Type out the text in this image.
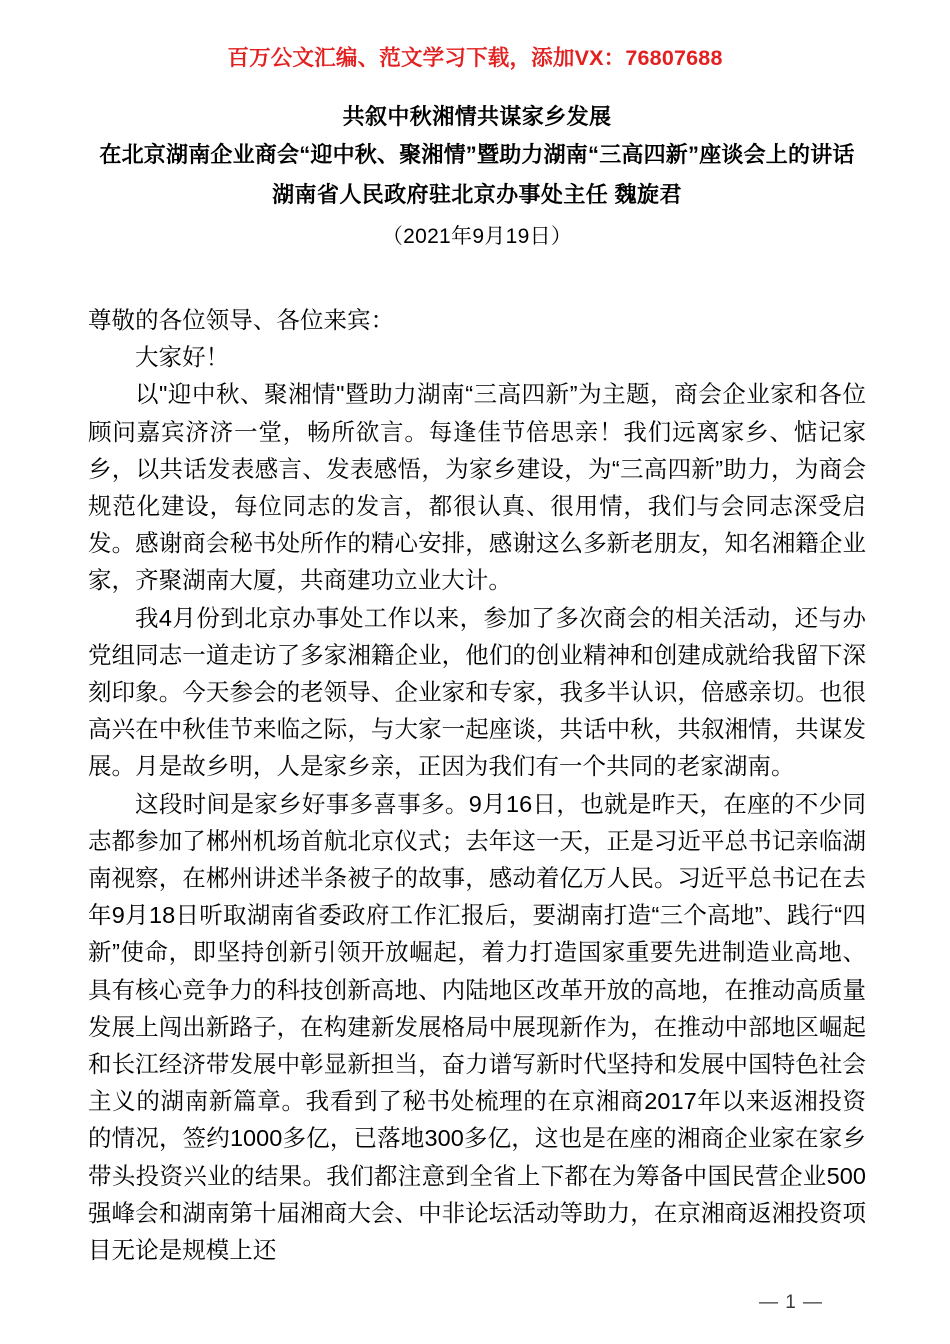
百万公文汇编、范文学习下载，添加VX：76807688
共叙中秋湘情共谋家乡发展
在北京湖南企业商会“迎中秋、聚湘情”暨助力湖南“三高四新”座谈会上的讲话
湖南省人民政府驻北京办事处主任 魏旋君
（2021年9月19日）

尊敬的各位领导、各位来宾：

大家好！

以"迎中秋、聚湘情"暨助力湖南“三高四新”为主题，商会企业家和各位顾问嘉宾济济一堂，畅所欲言。每逢佳节倍思亲！我们远离家乡、惦记家乡，以共话发表感言、发表感悟，为家乡建设，为“三高四新”助力，为商会规范化建设，每位同志的发言，都很认真、很用情，我们与会同志深受启发。感谢商会秘书处所作的精心安排，感谢这么多新老朋友，知名湘籍企业家，齐聚湖南大厦，共商建功立业大计。

我4月份到北京办事处工作以来，参加了多次商会的相关活动，还与办党组同志一道走访了多家湘籍企业，他们的创业精神和创建成就给我留下深刻印象。今天参会的老领导、企业家和专家，我多半认识，倍感亲切。也很高兴在中秋佳节来临之际，与大家一起座谈，共话中秋，共叙湘情，共谋发展。月是故乡明，人是家乡亲，正因为我们有一个共同的老家湖南。

这段时间是家乡好事多喜事多。9月16日，也就是昨天，在座的不少同志都参加了郴州机场首航北京仪式；去年这一天，正是习近平总书记亲临湖南视察，在郴州讲述半条被子的故事，感动着亿万人民。习近平总书记在去年9月18日听取湖南省委政府工作汇报后，要湖南打造“三个高地”、践行“四新”使命，即坚持创新引领开放崛起，着力打造国家重要先进制造业高地、具有核心竞争力的科技创新高地、内陆地区改革开放的高地，在推动高质量发展上闯出新路子，在构建新发展格局中展现新作为，在推动中部地区崛起和长江经济带发展中彰显新担当，奋力谱写新时代坚持和发展中国特色社会主义的湖南新篇章。我看到了秘书处梳理的在京湘商2017年以来返湘投资的情况，签约1000多亿，已落地300多亿，这也是在座的湘商企业家在家乡带头投资兴业的结果。我们都注意到全省上下都在为筹备中国民营企业500强峰会和湖南第十届湘商大会、中非论坛活动等助力，在京湘商返湘投资项目无论是规模上还

— 1 —
